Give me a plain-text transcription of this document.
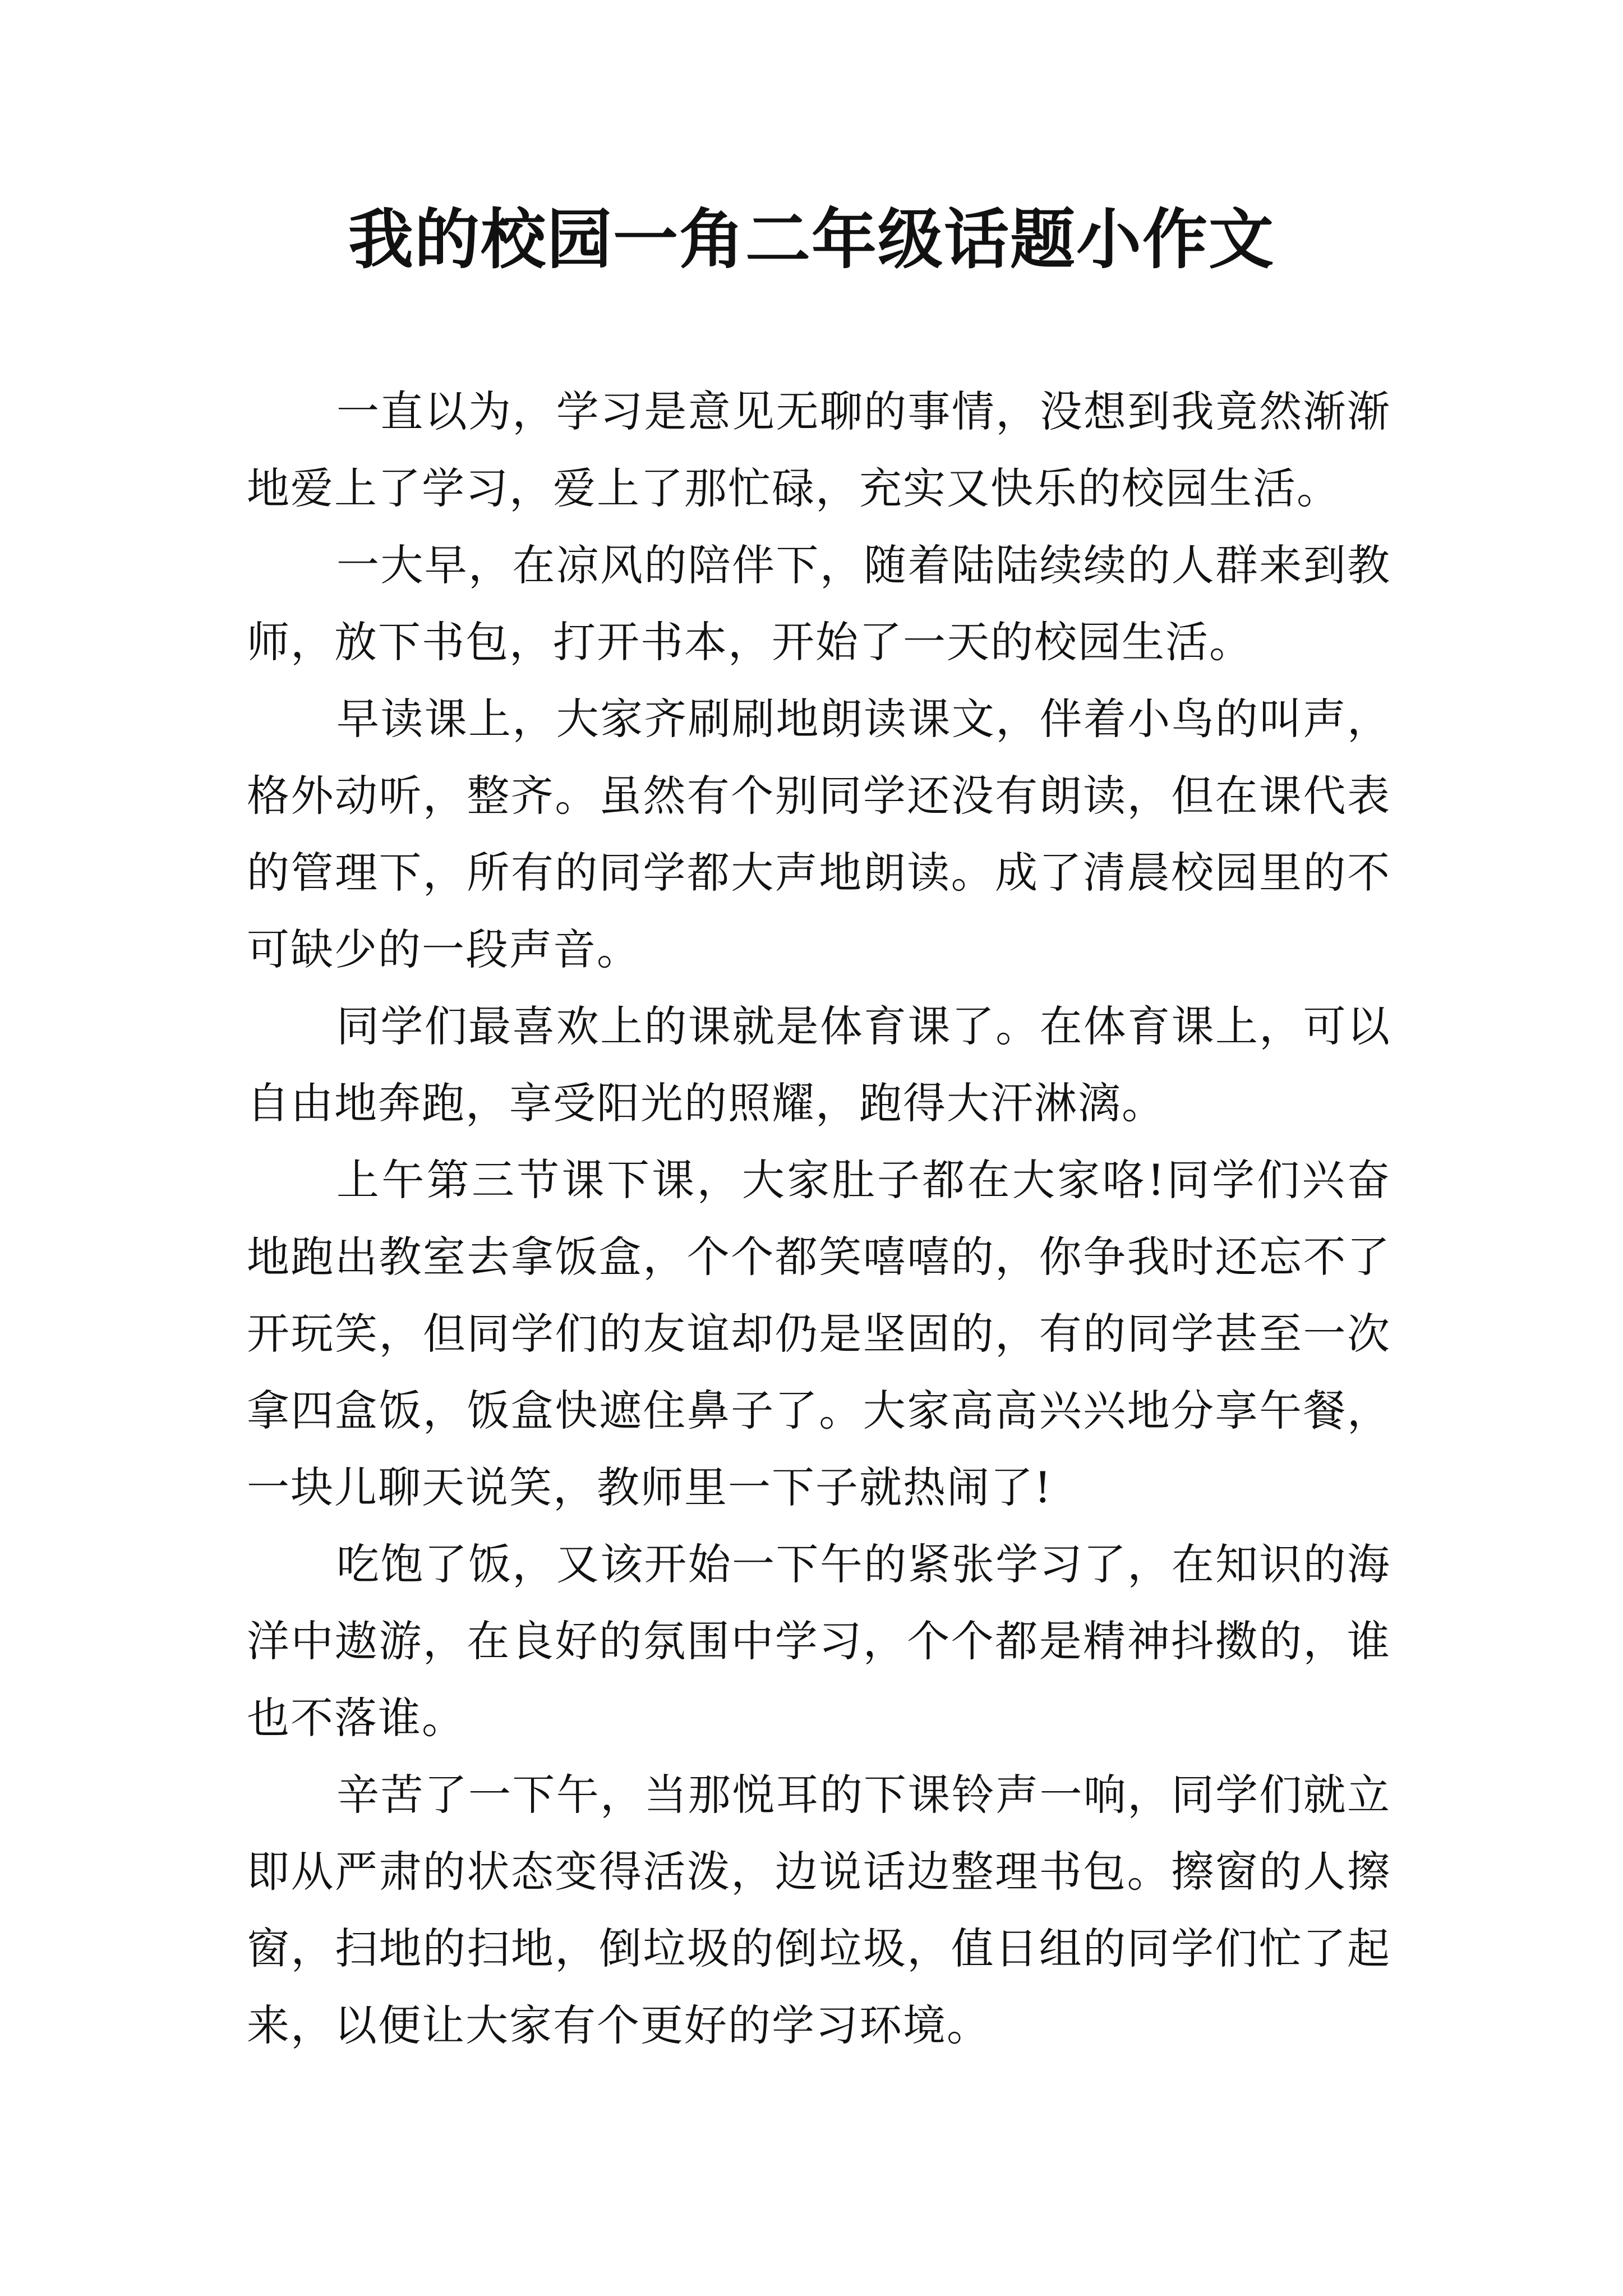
我的校园一角二年级话题小作文

一直以为，学习是意见无聊的事情，没想到我竟然渐渐地爱上了学习，爱上了那忙碌，充实又快乐的校园生活。

一大早，在凉风的陪伴下，随着陆陆续续的人群来到教师，放下书包，打开书本，开始了一天的校园生活。

早读课上，大家齐刷刷地朗读课文，伴着小鸟的叫声，格外动听，整齐。虽然有个别同学还没有朗读，但在课代表的管理下，所有的同学都大声地朗读。成了清晨校园里的不可缺少的一段声音。

同学们最喜欢上的课就是体育课了。在体育课上，可以自由地奔跑，享受阳光的照耀，跑得大汗淋漓。

上午第三节课下课，大家肚子都在大家咯!同学们兴奋地跑出教室去拿饭盒，个个都笑嘻嘻的，你争我时还忘不了开玩笑，但同学们的友谊却仍是坚固的，有的同学甚至一次拿四盒饭，饭盒快遮住鼻子了。大家高高兴兴地分享午餐，一块儿聊天说笑，教师里一下子就热闹了!

吃饱了饭，又该开始一下午的紧张学习了，在知识的海洋中遨游，在良好的氛围中学习，个个都是精神抖擞的，谁也不落谁。

辛苦了一下午，当那悦耳的下课铃声一响，同学们就立即从严肃的状态变得活泼，边说话边整理书包。擦窗的人擦窗，扫地的扫地，倒垃圾的倒垃圾，值日组的同学们忙了起来，以便让大家有个更好的学习环境。
